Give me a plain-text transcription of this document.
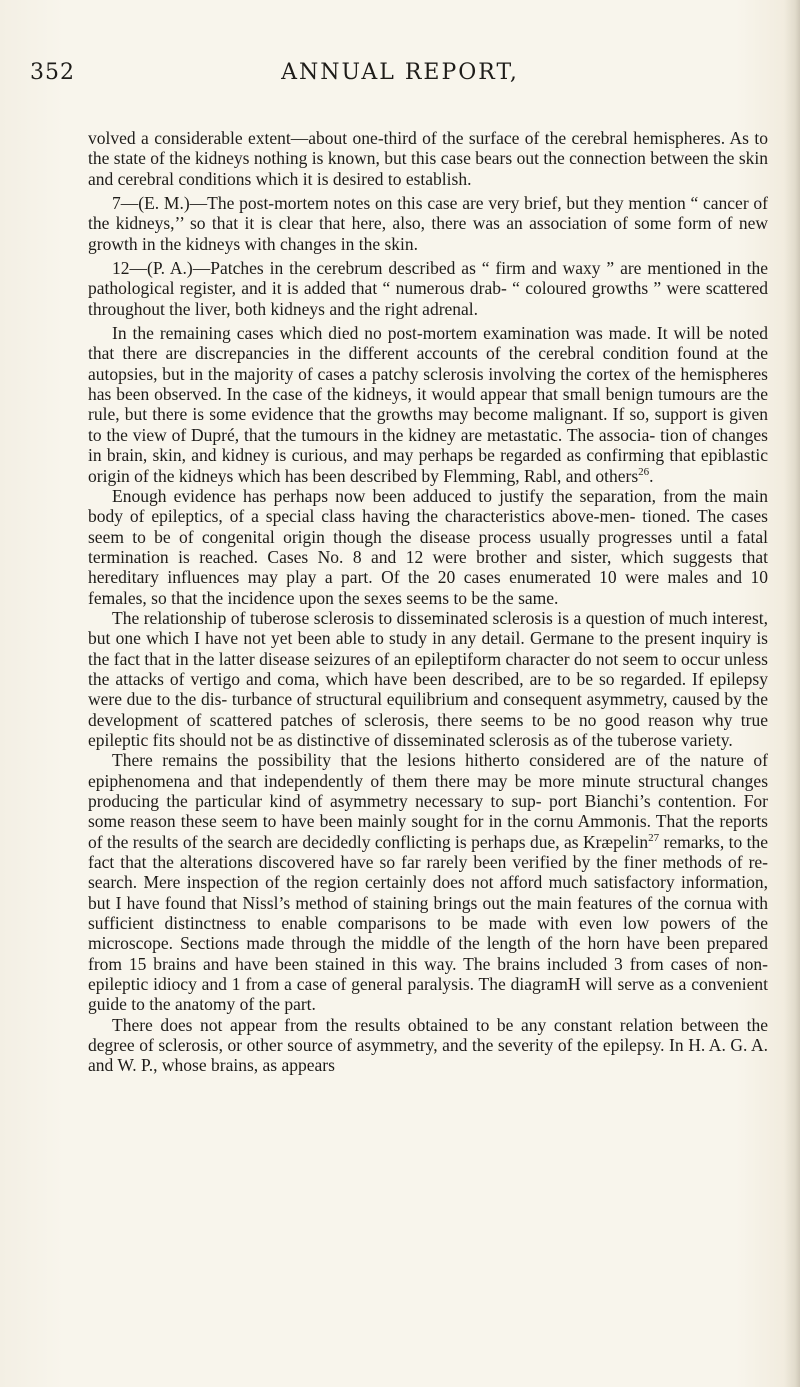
352	ANNUAL REPORT,

volved a considerable extent—about one-third of the surface of the cerebral hemispheres. As to the state of the kidneys nothing is known, but this case bears out the connection between the skin and cerebral conditions which it is desired to establish.

7—(E. M.)—The post-mortem notes on this case are very brief, but they mention “ cancer of the kidneys,’’ so that it is clear that here, also, there was an association of some form of new growth in the kidneys with changes in the skin.

12—(P. A.)—Patches in the cerebrum described as “ firm and waxy ” are mentioned in the pathological register, and it is added that “ numerous drab- “ coloured growths ” were scattered throughout the liver, both kidneys and the right adrenal.

In the remaining cases which died no post-mortem examination was made. It will be noted that there are discrepancies in the different accounts of the cerebral condition found at the autopsies, but in the majority of cases a patchy sclerosis involving the cortex of the hemispheres has been observed. In the case of the kidneys, it would appear that small benign tumours are the rule, but there is some evidence that the growths may become malignant. If so, support is given to the view of Dupré, that the tumours in the kidney are metastatic. The associa- tion of changes in brain, skin, and kidney is curious, and may perhaps be regarded as confirming that epiblastic origin of the kidneys which has been described by Flemming, Rabl, and others$^{26}$.

Enough evidence has perhaps now been adduced to justify the separation, from the main body of epileptics, of a special class having the characteristics above-men- tioned. The cases seem to be of congenital origin though the disease process usually progresses until a fatal termination is reached. Cases No. 8 and 12 were brother and sister, which suggests that hereditary influences may play a part. Of the 20 cases enumerated 10 were males and 10 females, so that the incidence upon the sexes seems to be the same.

The relationship of tuberose sclerosis to disseminated sclerosis is a question of much interest, but one which I have not yet been able to study in any detail. Germane to the present inquiry is the fact that in the latter disease seizures of an epileptiform character do not seem to occur unless the attacks of vertigo and coma, which have been described, are to be so regarded. If epilepsy were due to the dis- turbance of structural equilibrium and consequent asymmetry, caused by the development of scattered patches of sclerosis, there seems to be no good reason why true epileptic fits should not be as distinctive of disseminated sclerosis as of the tuberose variety.

There remains the possibility that the lesions hitherto considered are of the nature of epiphenomena and that independently of them there may be more minute structural changes producing the particular kind of asymmetry necessary to sup- port Bianchi’s contention. For some reason these seem to have been mainly sought for in the cornu Ammonis. That the reports of the results of the search are decidedly conflicting is perhaps due, as Kræpelin$^{27}$ remarks, to the fact that the alterations discovered have so far rarely been verified by the finer methods of re- search. Mere inspection of the region certainly does not afford much satisfactory information, but I have found that Nissl’s method of staining brings out the main features of the cornua with sufficient distinctness to enable comparisons to be made with even low powers of the microscope. Sections made through the middle of the length of the horn have been prepared from 15 brains and have been stained in this way. The brains included 3 from cases of non-epileptic idiocy and 1 from a case of general paralysis. The diagramH will serve as a convenient guide to the anatomy of the part.

There does not appear from the results obtained to be any constant relation between the degree of sclerosis, or other source of asymmetry, and the severity of the epilepsy. In H. A. G. A. and W. P., whose brains, as appears
